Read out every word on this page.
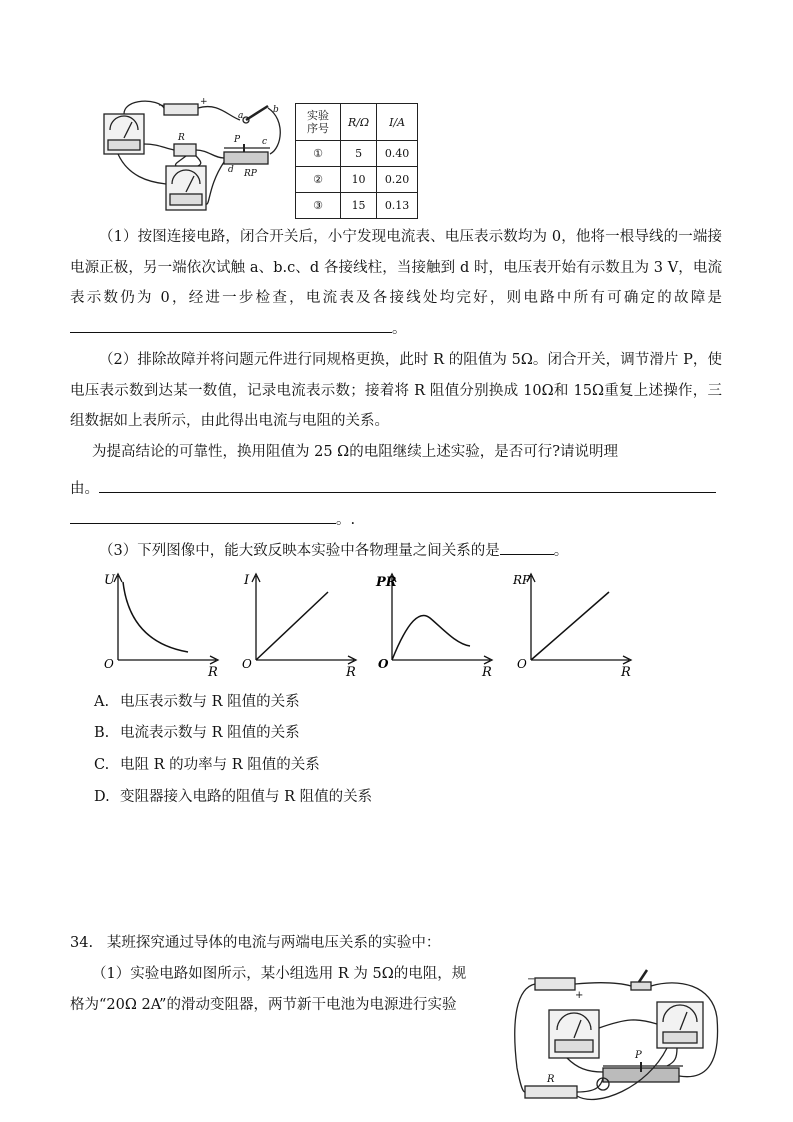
R	P
RP
a
b
c
d
−	+
实验
序号	R/Ω	I/A
①	5	0.40
②	10	0.20
③	15	0.13
（1）按图连接电路，闭合开关后，小宁发现电流表、电压表示数均为 0，他将一根导线的一端接电源正极，另一端依次试触 a、b.c、d 各接线柱，当接触到 d 时，电压表开始有示数且为 3 V，电流表示数仍为 0，经进一步检查，电流表及各接线处均完好，则电路中所有可确定的故障是。
（2）排除故障并将问题元件进行同规格更换，此时 R 的阻值为 5Ω。闭合开关，调节滑片 P，使电压表示数到达某一数值，记录电流表示数；接着将 R 阻值分别换成 10Ω和 15Ω重复上述操作，三组数据如上表所示，由此得出电流与电阻的关系。
为提高结论的可靠性，换用阻值为 25 Ω的电阻继续上述实验，是否可行?请说明理
由。
。.
（3）下列图像中，能大致反映本实验中各物理量之间关系的是	。
U
O
R
I
O
R
PR
O
R
RP
O
R
A. 电压表示数与 R 阻值的关系
B. 电流表示数与 R 阻值的关系
C. 电阻 R 的功率与 R 阻值的关系
D. 变阻器接入电路的阻值与 R 阻值的关系
34. 某班探究通过导体的电流与两端电压关系的实验中：
（1）实验电路如图所示，某小组选用 R 为 5Ω的电阻，规
格为“20Ω 2A”的滑动变阻器，两节新干电池为电源进行实验
R
P
−
+
